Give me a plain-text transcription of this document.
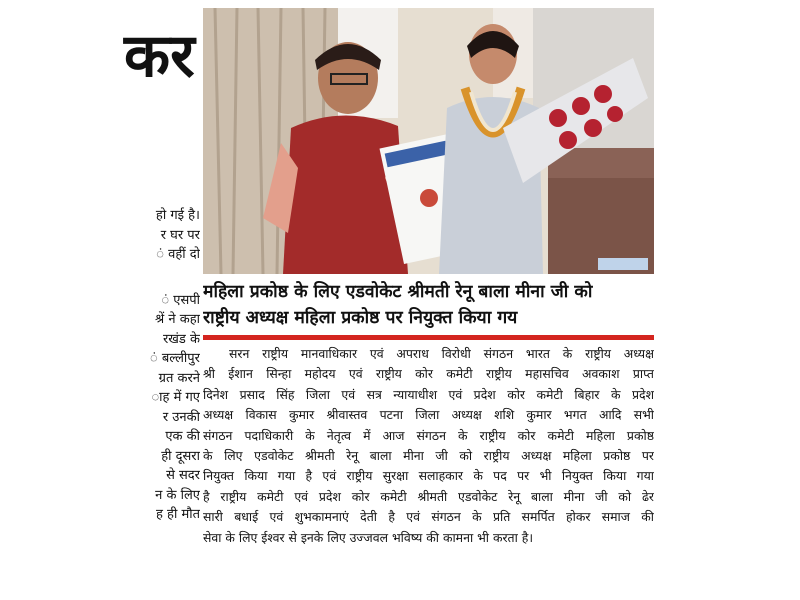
कर
हो गई है।
र घर पर
ं वहीं दो
ं एसपी
श्रें ने कहा
रखंड के
ं बल्लीपुर
ग्रत करने
ाह में गए
र उनकी
एक की
ही दूसरा
से सदर
न के लिए
ह ही मौत
महिला प्रकोष्ठ के लिए एडवोकेट श्रीमती रेनू बाला मीना जी को
राष्ट्रीय अध्यक्ष महिला प्रकोष्ठ पर नियुक्त किया गय
सरन राष्ट्रीय मानवाधिकार एवं अपराध विरोधी संगठन भारत के राष्ट्रीय अध्यक्ष
श्री ईशान सिन्हा महोदय एवं राष्ट्रीय कोर कमेटी राष्ट्रीय महासचिव अवकाश प्राप्त
दिनेश प्रसाद सिंह जिला एवं सत्र न्यायाधीश एवं प्रदेश कोर कमेटी बिहार के प्रदेश
अध्यक्ष विकास कुमार श्रीवास्तव पटना जिला अध्यक्ष शशि कुमार भगत आदि सभी
संगठन पदाधिकारी के नेतृत्व में आज संगठन के राष्ट्रीय कोर कमेटी महिला प्रकोष्ठ
के लिए एडवोकेट श्रीमती रेनू बाला मीना जी को राष्ट्रीय अध्यक्ष महिला प्रकोष्ठ पर
नियुक्त किया गया है एवं राष्ट्रीय सुरक्षा सलाहकार के पद पर भी नियुक्त किया गया
है राष्ट्रीय कमेटी एवं प्रदेश कोर कमेटी श्रीमती एडवोकेट रेनू बाला मीना जी को ढेर
सारी बधाई एवं शुभकामनाएं देती है एवं संगठन के प्रति समर्पित होकर समाज की
सेवा के लिए ईश्वर से इनके लिए उज्जवल भविष्य की कामना भी करता है।
